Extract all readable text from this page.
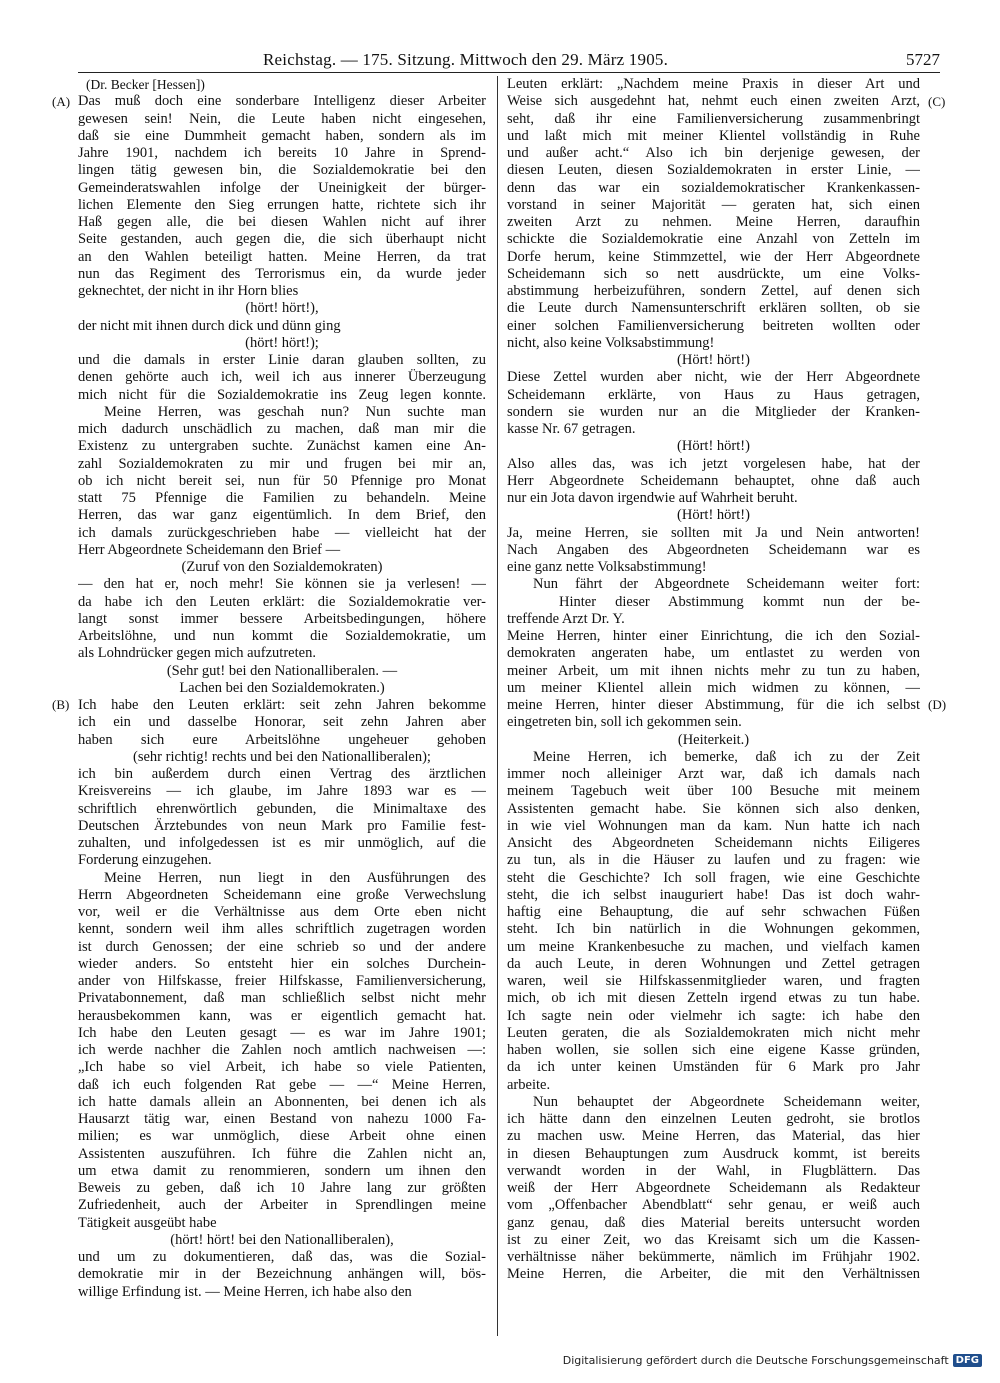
Reichstag. — 175. Sitzung. Mittwoch den 29. März 1905.	5727
(Dr. Becker [Hessen])
Das muß doch eine sonderbare Intelligenz dieser Arbeiter
gewesen sein! Nein, die Leute haben nicht eingesehen,
daß sie eine Dummheit gemacht haben, sondern als im
Jahre 1901, nachdem ich bereits 10 Jahre in Sprend-
lingen tätig gewesen bin, die Sozialdemokratie bei den
Gemeinderatswahlen infolge der Uneinigkeit der bürger-
lichen Elemente den Sieg errungen hatte, richtete sich ihr
Haß gegen alle, die bei diesen Wahlen nicht auf ihrer
Seite gestanden, auch gegen die, die sich überhaupt nicht
an den Wahlen beteiligt hatten. Meine Herren, da trat
nun das Regiment des Terrorismus ein, da wurde jeder
geknechtet, der nicht in ihr Horn blies
(hört! hört!),
der nicht mit ihnen durch dick und dünn ging
(hört! hört!);
und die damals in erster Linie daran glauben sollten, zu
denen gehörte auch ich, weil ich aus innerer Überzeugung
mich nicht für die Sozialdemokratie ins Zeug legen konnte.
Meine Herren, was geschah nun? Nun suchte man
mich dadurch unschädlich zu machen, daß man mir die
Existenz zu untergraben suchte. Zunächst kamen eine An-
zahl Sozialdemokraten zu mir und frugen bei mir an,
ob ich nicht bereit sei, nun für 50 Pfennige pro Monat
statt 75 Pfennige die Familien zu behandeln. Meine
Herren, das war ganz eigentümlich. In dem Brief, den
ich damals zurückgeschrieben habe — vielleicht hat der
Herr Abgeordnete Scheidemann den Brief —
(Zuruf von den Sozialdemokraten)
— den hat er, noch mehr! Sie können sie ja verlesen! —
da habe ich den Leuten erklärt: die Sozialdemokratie ver-
langt sonst immer bessere Arbeitsbedingungen, höhere
Arbeitslöhne, und nun kommt die Sozialdemokratie, um
als Lohndrücker gegen mich aufzutreten.
(Sehr gut! bei den Nationalliberalen. —
Lachen bei den Sozialdemokraten.)
Ich habe den Leuten erklärt: seit zehn Jahren bekomme
ich ein und dasselbe Honorar, seit zehn Jahren aber
haben sich eure Arbeitslöhne ungeheuer gehoben
(sehr richtig! rechts und bei den Nationalliberalen);
ich bin außerdem durch einen Vertrag des ärztlichen
Kreisvereins — ich glaube, im Jahre 1893 war es —
schriftlich ehrenwörtlich gebunden, die Minimaltaxe des
Deutschen Ärztebundes von neun Mark pro Familie fest-
zuhalten, und infolgedessen ist es mir unmöglich, auf die
Forderung einzugehen.
Meine Herren, nun liegt in den Ausführungen des
Herrn Abgeordneten Scheidemann eine große Verwechslung
vor, weil er die Verhältnisse aus dem Orte eben nicht
kennt, sondern weil ihm alles schriftlich zugetragen worden
ist durch Genossen; der eine schrieb so und der andere
wieder anders. So entsteht hier ein solches Durchein-
ander von Hilfskasse, freier Hilfskasse, Familienversicherung,
Privatabonnement, daß man schließlich selbst nicht mehr
herausbekommen kann, was er eigentlich gemacht hat.
Ich habe den Leuten gesagt — es war im Jahre 1901;
ich werde nachher die Zahlen noch amtlich nachweisen —:
„Ich habe so viel Arbeit, ich habe so viele Patienten,
daß ich euch folgenden Rat gebe — —“ Meine Herren,
ich hatte damals allein an Abonnenten, bei denen ich als
Hausarzt tätig war, einen Bestand von nahezu 1000 Fa-
milien; es war unmöglich, diese Arbeit ohne einen
Assistenten auszuführen. Ich führe die Zahlen nicht an,
um etwa damit zu renommieren, sondern um ihnen den
Beweis zu geben, daß ich 10 Jahre lang zur größten
Zufriedenheit, auch der Arbeiter in Sprendlingen meine
Tätigkeit ausgeübt habe
(hört! hört! bei den Nationalliberalen),
und um zu dokumentieren, daß das, was die Sozial-
demokratie mir in der Bezeichnung anhängen will, bös-
willige Erfindung ist. — Meine Herren, ich habe also den
Leuten erklärt: „Nachdem meine Praxis in dieser Art und
Weise sich ausgedehnt hat, nehmt euch einen zweiten Arzt,
seht, daß ihr eine Familienversicherung zusammenbringt
und laßt mich mit meiner Klientel vollständig in Ruhe
und außer acht.“ Also ich bin derjenige gewesen, der
diesen Leuten, diesen Sozialdemokraten in erster Linie, —
denn das war ein sozialdemokratischer Krankenkassen-
vorstand in seiner Majorität — geraten hat, sich einen
zweiten Arzt zu nehmen. Meine Herren, daraufhin
schickte die Sozialdemokratie eine Anzahl von Zetteln im
Dorfe herum, keine Stimmzettel, wie der Herr Abgeordnete
Scheidemann sich so nett ausdrückte, um eine Volks-
abstimmung herbeizuführen, sondern Zettel, auf denen sich
die Leute durch Namensunterschrift erklären sollten, ob sie
einer solchen Familienversicherung beitreten wollten oder
nicht, also keine Volksabstimmung!
(Hört! hört!)
Diese Zettel wurden aber nicht, wie der Herr Abgeordnete
Scheidemann erklärte, von Haus zu Haus getragen,
sondern sie wurden nur an die Mitglieder der Kranken-
kasse Nr. 67 getragen.
(Hört! hört!)
Also alles das, was ich jetzt vorgelesen habe, hat der
Herr Abgeordnete Scheidemann behauptet, ohne daß auch
nur ein Jota davon irgendwie auf Wahrheit beruht.
(Hört! hört!)
Ja, meine Herren, sie sollten mit Ja und Nein antworten!
Nach Angaben des Abgeordneten Scheidemann war es
eine ganz nette Volksabstimmung!
Nun fährt der Abgeordnete Scheidemann weiter fort:
Hinter dieser Abstimmung kommt nun der be-
treffende Arzt Dr. Y.
Meine Herren, hinter einer Einrichtung, die ich den Sozial-
demokraten angeraten habe, um entlastet zu werden von
meiner Arbeit, um mit ihnen nichts mehr zu tun zu haben,
um meiner Klientel allein mich widmen zu können, —
meine Herren, hinter dieser Abstimmung, für die ich selbst
eingetreten bin, soll ich gekommen sein.
(Heiterkeit.)
Meine Herren, ich bemerke, daß ich zu der Zeit
immer noch alleiniger Arzt war, daß ich damals nach
meinem Tagebuch weit über 100 Besuche mit meinem
Assistenten gemacht habe. Sie können sich also denken,
in wie viel Wohnungen man da kam. Nun hatte ich nach
Ansicht des Abgeordneten Scheidemann nichts Eiligeres
zu tun, als in die Häuser zu laufen und zu fragen: wie
steht die Geschichte? Ich soll fragen, wie eine Geschichte
steht, die ich selbst inauguriert habe! Das ist doch wahr-
haftig eine Behauptung, die auf sehr schwachen Füßen
steht. Ich bin natürlich in die Wohnungen gekommen,
um meine Krankenbesuche zu machen, und vielfach kamen
da auch Leute, in deren Wohnungen und Zettel getragen
waren, weil sie Hilfskassenmitglieder waren, und fragten
mich, ob ich mit diesen Zetteln irgend etwas zu tun habe.
Ich sagte nein oder vielmehr ich sagte: ich habe den
Leuten geraten, die als Sozialdemokraten mich nicht mehr
haben wollen, sie sollen sich eine eigene Kasse gründen,
da ich unter keinen Umständen für 6 Mark pro Jahr
arbeite.
Nun behauptet der Abgeordnete Scheidemann weiter,
ich hätte dann den einzelnen Leuten gedroht, sie brotlos
zu machen usw. Meine Herren, das Material, das hier
in diesen Behauptungen zum Ausdruck kommt, ist bereits
verwandt worden in der Wahl, in Flugblättern. Das
weiß der Herr Abgeordnete Scheidemann als Redakteur
vom „Offenbacher Abendblatt“ sehr genau, er weiß auch
ganz genau, daß dies Material bereits untersucht worden
ist zu einer Zeit, wo das Kreisamt sich um die Kassen-
verhältnisse näher bekümmerte, nämlich im Frühjahr 1902.
Meine Herren, die Arbeiter, die mit den Verhältnissen
(A)
(B)
(C)
(D)
Digitalisierung gefördert durch die Deutsche Forschungsgemeinschaft DFG
